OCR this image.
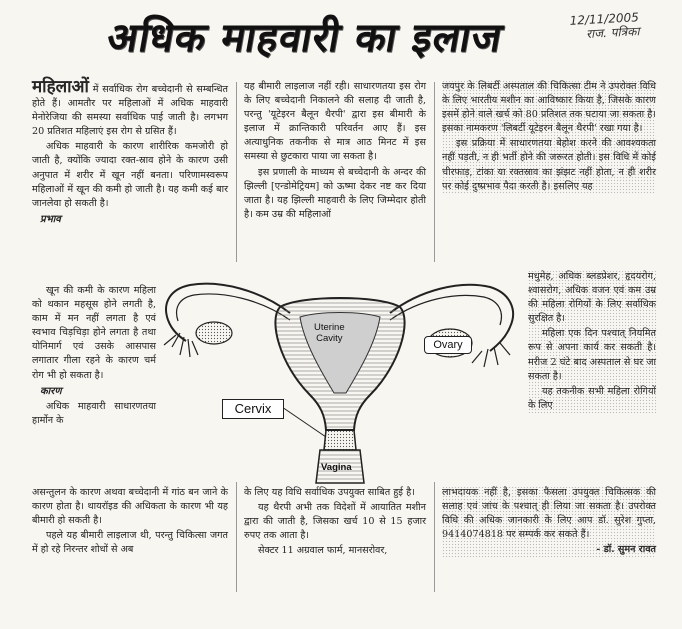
अधिक माहवारी का इलाज	12/11/2005
राज. पत्रिका

महिलाओं में सर्वाधिक रोग बच्चेदानी से सम्बन्धित होते हैं। आमतौर पर महिलाओं में अधिक माहवारी मेनोरेजिया की समस्या सर्वाधिक पाई जाती है। लगभग 20 प्रतिशत महिलाएं इस रोग से ग्रसित हैं।

अधिक माहवारी के कारण शारीरिक कमजोरी हो जाती है, क्योंकि ज्यादा रक्त-स्राव होने के कारण उसी अनुपात में शरीर में खून नहीं बनता। परिणामस्वरूप महिलाओं में खून की कमी हो जाती है। यह कमी कई बार जानलेवा हो सकती है।

प्रभाव

खून की कमी के कारण महिला को थकान महसूस होने लगती है, काम में मन नहीं लगता है एवं स्वभाव चिड़चिड़ा होने लगता है तथा योनिमार्ग एवं उसके आसपास लगातार गीला रहने के कारण चर्म रोग भी हो सकता है।

कारण

अधिक माहवारी साधारणतया हार्मोन के

असन्तुलन के कारण अथवा बच्चेदानी में गांठ बन जाने के कारण होता है। थायरॉइड की अधिकता के कारण भी यह बीमारी हो सकती है।

पहले यह बीमारी लाइलाज थी, परन्तु चिकित्सा जगत में हो रहे निरन्तर शोधों से अब

यह बीमारी लाइलाज नहीं रही। साधारणतया इस रोग के लिए बच्चेदानी निकालने की सलाह दी जाती है, परन्तु 'यूटेइरन बैलून थैरपी' द्वारा इस बीमारी के इलाज में क्रान्तिकारी परिवर्तन आए हैं। इस अत्याधुनिक तकनीक से मात्र आठ मिनट में इस समस्या से छुटकारा पाया जा सकता है।

इस प्रणाली के माध्यम से बच्चेदानी के अन्दर की झिल्ली [एन्डोमेट्रियम] को ऊष्मा देकर नष्ट कर दिया जाता है। यह झिल्ली माहवारी के लिए जिम्मेदार होती है। कम उम्र की महिलाओं

के लिए यह विधि सर्वाधिक उपयुक्त साबित हुई है।

यह थैरपी अभी तक विदेशों में आयातित मशीन द्वारा की जाती है, जिसका खर्च 10 से 15 हजार रुपए तक आता है।

सेक्टर 11 अग्रवाल फार्म, मानसरोवर,

जयपुर के लिबर्टी अस्पताल की चिकित्सा टीम ने उपरोक्त विधि के लिए भारतीय मशीन का आविष्कार किया है, जिसके कारण इसमें होने वाले खर्च को 80 प्रतिशत तक घटाया जा सकता है। इसका नामकरण 'लिबर्टी यूटेइरन बैलून थैरपी' रखा गया है।

इस प्रक्रिया में साधारणतया बेहोश करने की आवश्यकता नहीं पड़ती, न ही भर्ती होने की जरूरत होती। इस विधि में कोई चीरफाड़, टांका या रक्तस्राव का झंझट नहीं होता, न ही शरीर पर कोई दुष्प्रभाव पैदा करती है। इसलिए यह

मधुमेह, अधिक ब्लडप्रेशर, हृदयरोग, श्वासरोग, अधिक वजन एवं कम उम्र की महिला रोगियों के लिए सर्वाधिक सुरक्षित है।

महिला एक दिन पश्चात् नियमित रूप से अपना कार्य कर सकती है। मरीज 2 घंटे बाद अस्पताल से घर जा सकता है।

यह तकनीक सभी महिला रोगियों के लिए

लाभदायक नहीं है, इसका फैसला उपयुक्त चिकित्सक की सलाह एवं जांच के पश्चात् ही लिया जा सकता है। उपरोक्त विधि की अधिक जानकारी के लिए आप डॉ. सुरेश गुप्ता, 9414074818 पर सम्पर्क कर सकते हैं।

- डॉ. सुमन रावत

Uterine
Cavity
Ovary
Cervix
Vagina
